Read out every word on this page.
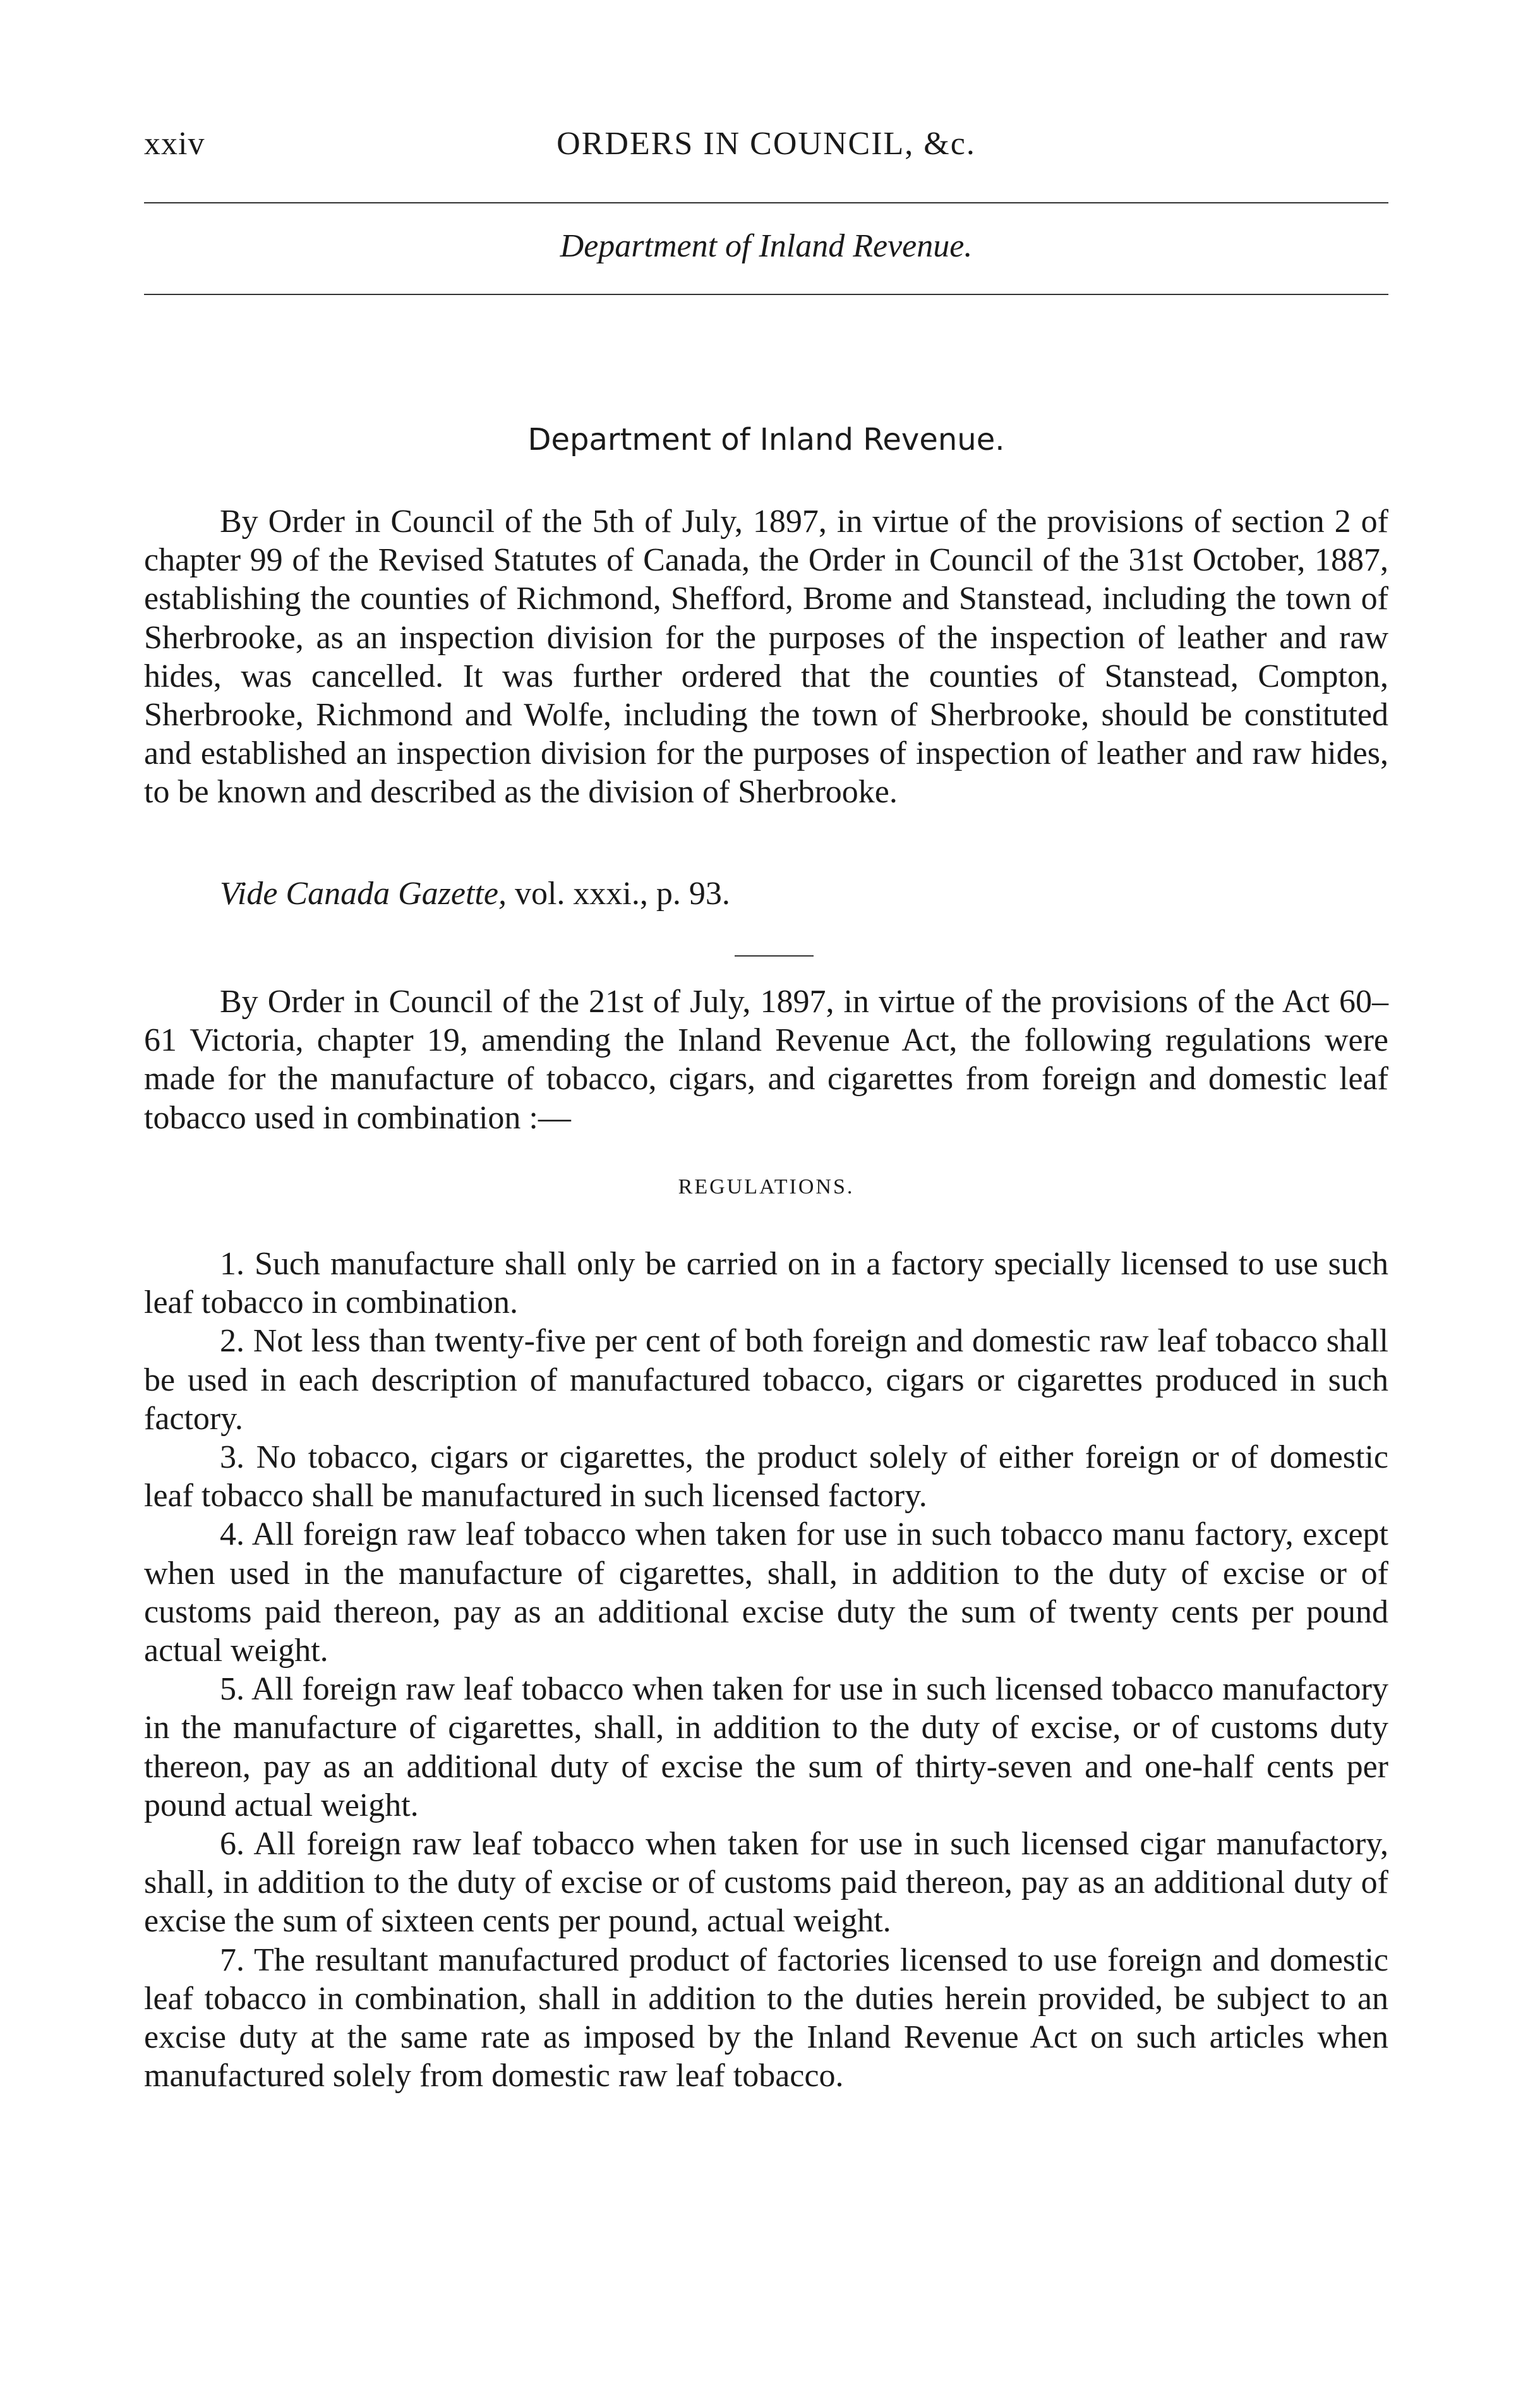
xxiv	ORDERS IN COUNCIL, &c.
Department of Inland Revenue.
Department of Inland Revenue.

By Order in Council of the 5th of July, 1897, in virtue of the provisions of section 2 of chapter 99 of the Revised Statutes of Canada, the Order in Council of the 31st October, 1887, establishing the counties of Richmond, Shefford, Brome and Stanstead, including the town of Sherbrooke, as an inspection division for the purposes of the inspection of leather and raw hides, was cancelled. It was further ordered that the counties of Stanstead, Compton, Sherbrooke, Richmond and Wolfe, including the town of Sherbrooke, should be constituted and established an inspection division for the purposes of inspection of leather and raw hides, to be known and described as the division of Sherbrooke.

Vide Canada Gazette, vol. xxxi., p. 93.

By Order in Council of the 21st of July, 1897, in virtue of the provisions of the Act 60–61 Victoria, chapter 19, amending the Inland Revenue Act, the following regulations were made for the manufacture of tobacco, cigars, and cigarettes from foreign and domestic leaf tobacco used in combination :—

REGULATIONS.

1. Such manufacture shall only be carried on in a factory specially licensed to use such leaf tobacco in combination.

2. Not less than twenty-five per cent of both foreign and domestic raw leaf tobacco shall be used in each description of manufactured tobacco, cigars or cigarettes produced in such factory.

3. No tobacco, cigars or cigarettes, the product solely of either foreign or of domestic leaf tobacco shall be manufactured in such licensed factory.

4. All foreign raw leaf tobacco when taken for use in such tobacco manu factory, except when used in the manufacture of cigarettes, shall, in addition to the duty of excise or of customs paid thereon, pay as an additional excise duty the sum of twenty cents per pound actual weight.

5. All foreign raw leaf tobacco when taken for use in such licensed tobacco manufactory in the manufacture of cigarettes, shall, in addition to the duty of excise, or of customs duty thereon, pay as an additional duty of excise the sum of thirty-seven and one-half cents per pound actual weight.

6. All foreign raw leaf tobacco when taken for use in such licensed cigar manufactory, shall, in addition to the duty of excise or of customs paid thereon, pay as an additional duty of excise the sum of sixteen cents per pound, actual weight.

7. The resultant manufactured product of factories licensed to use foreign and domestic leaf tobacco in combination, shall in addition to the duties herein provided, be subject to an excise duty at the same rate as imposed by the Inland Revenue Act on such articles when manufactured solely from domestic raw leaf tobacco.
